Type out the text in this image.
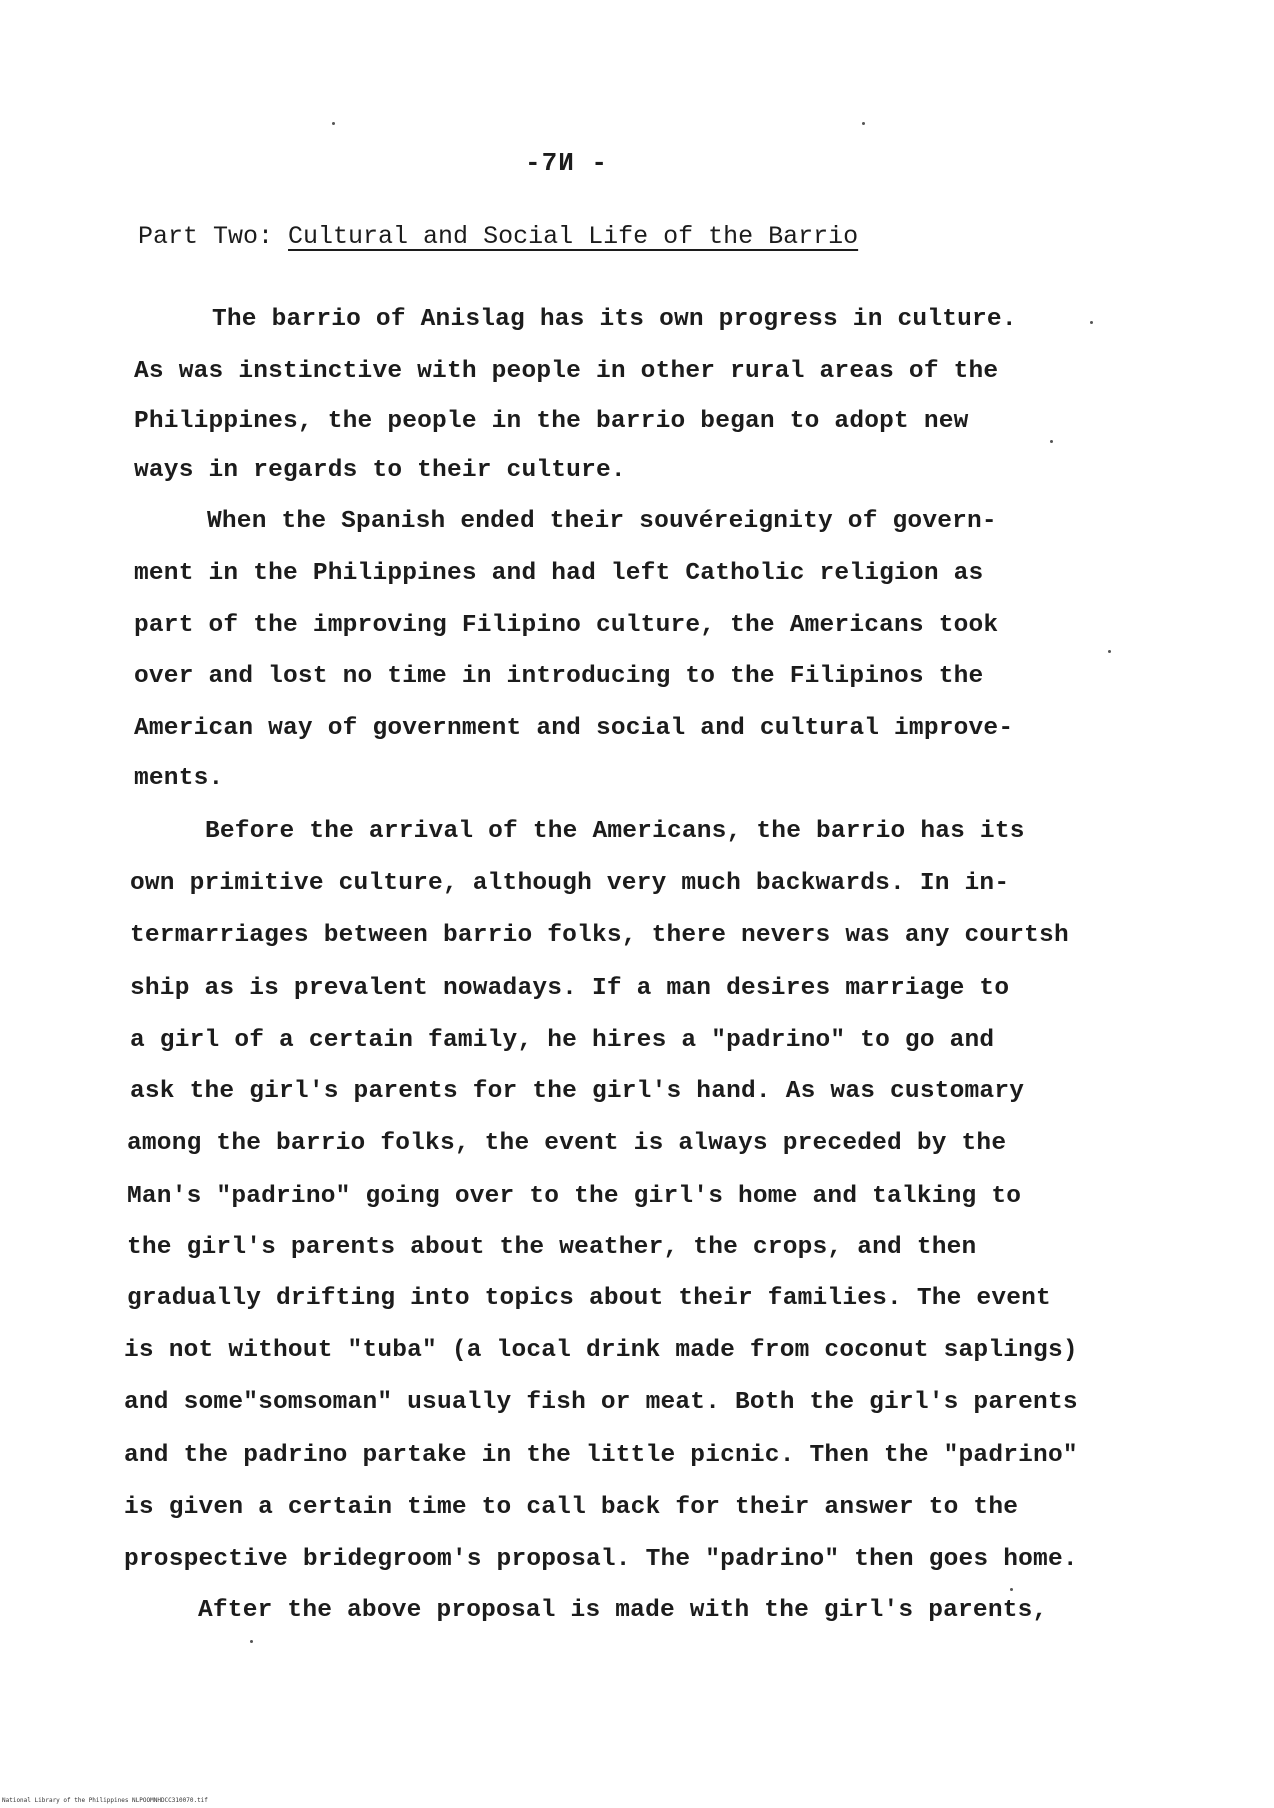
-7И -
Part Two: Cultural and Social Life of the Barrio
The barrio of Anislag has its own progress in culture.
As was instinctive with people in other rural areas of the
Philippines, the people in the barrio began to adopt new
ways in regards to their culture.
When the Spanish ended their souvéreignity of govern-
ment in the Philippines and had left Catholic religion as
part of the improving Filipino culture, the Americans took
over and lost no time in introducing to the Filipinos the
American way of government and social and cultural improve-
ments.
Before the arrival of the Americans, the barrio has its
own primitive culture, although very much backwards. In in-
termarriages between barrio folks, there nevers was any courtsh
ship as is prevalent nowadays. If a man desires marriage to
a girl of a certain family, he hires a "padrino" to go and
ask the girl's parents for the girl's hand. As was customary
among the barrio folks, the event is always preceded by the
Man's "padrino" going over to the girl's home and talking to
the girl's parents about the weather, the crops, and then
gradually drifting into topics about their families. The event
is not without "tuba" (a local drink made from coconut saplings)
and some"somsoman" usually fish or meat. Both the girl's parents
and the padrino partake in the little picnic. Then the "padrino"
is given a certain time to call back for their answer to the
prospective bridegroom's proposal. The "padrino" then goes home.
After the above proposal is made with the girl's parents,
National Library of the Philippines NLPOOMNHDCC310070.tif
